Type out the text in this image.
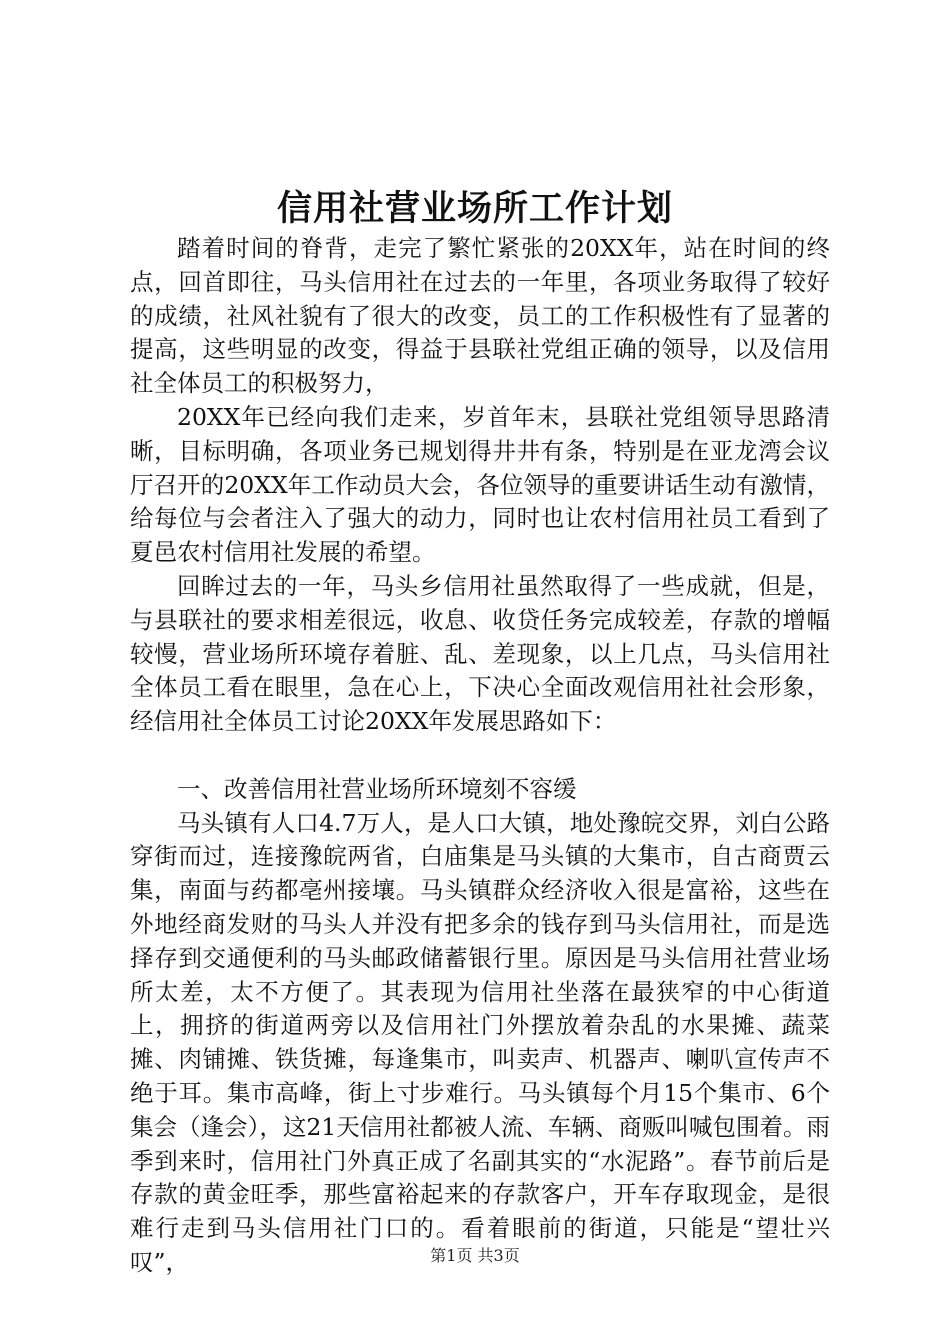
信用社营业场所工作计划

踏着时间的脊背，走完了繁忙紧张的20XX年，站在时间的终点，回首即往，马头信用社在过去的一年里，各项业务取得了较好的成绩，社风社貌有了很大的改变，员工的工作积极性有了显著的提高，这些明显的改变，得益于县联社党组正确的领导，以及信用社全体员工的积极努力，

20XX年已经向我们走来，岁首年末，县联社党组领导思路清晰，目标明确，各项业务已规划得井井有条，特别是在亚龙湾会议厅召开的20XX年工作动员大会，各位领导的重要讲话生动有激情，给每位与会者注入了强大的动力，同时也让农村信用社员工看到了夏邑农村信用社发展的希望。

回眸过去的一年，马头乡信用社虽然取得了一些成就，但是，与县联社的要求相差很远，收息、收贷任务完成较差，存款的增幅较慢，营业场所环境存着脏、乱、差现象，以上几点，马头信用社全体员工看在眼里，急在心上，下决心全面改观信用社社会形象，经信用社全体员工讨论20XX年发展思路如下：

一、改善信用社营业场所环境刻不容缓

马头镇有人口4.7万人，是人口大镇，地处豫皖交界，刘白公路穿街而过，连接豫皖两省，白庙集是马头镇的大集市，自古商贾云集，南面与药都亳州接壤。马头镇群众经济收入很是富裕，这些在外地经商发财的马头人并没有把多余的钱存到马头信用社，而是选择存到交通便利的马头邮政储蓄银行里。原因是马头信用社营业场所太差，太不方便了。其表现为信用社坐落在最狭窄的中心街道上，拥挤的街道两旁以及信用社门外摆放着杂乱的水果摊、蔬菜摊、肉铺摊、铁货摊，每逢集市，叫卖声、机器声、喇叭宣传声不绝于耳。集市高峰，街上寸步难行。马头镇每个月15个集市、6个集会（逢会），这21天信用社都被人流、车辆、商贩叫喊包围着。雨季到来时，信用社门外真正成了名副其实的“水泥路”。春节前后是存款的黄金旺季，那些富裕起来的存款客户，开车存取现金，是很难行走到马头信用社门口的。看着眼前的街道，只能是“望壮兴叹”，	第1页 共3页
